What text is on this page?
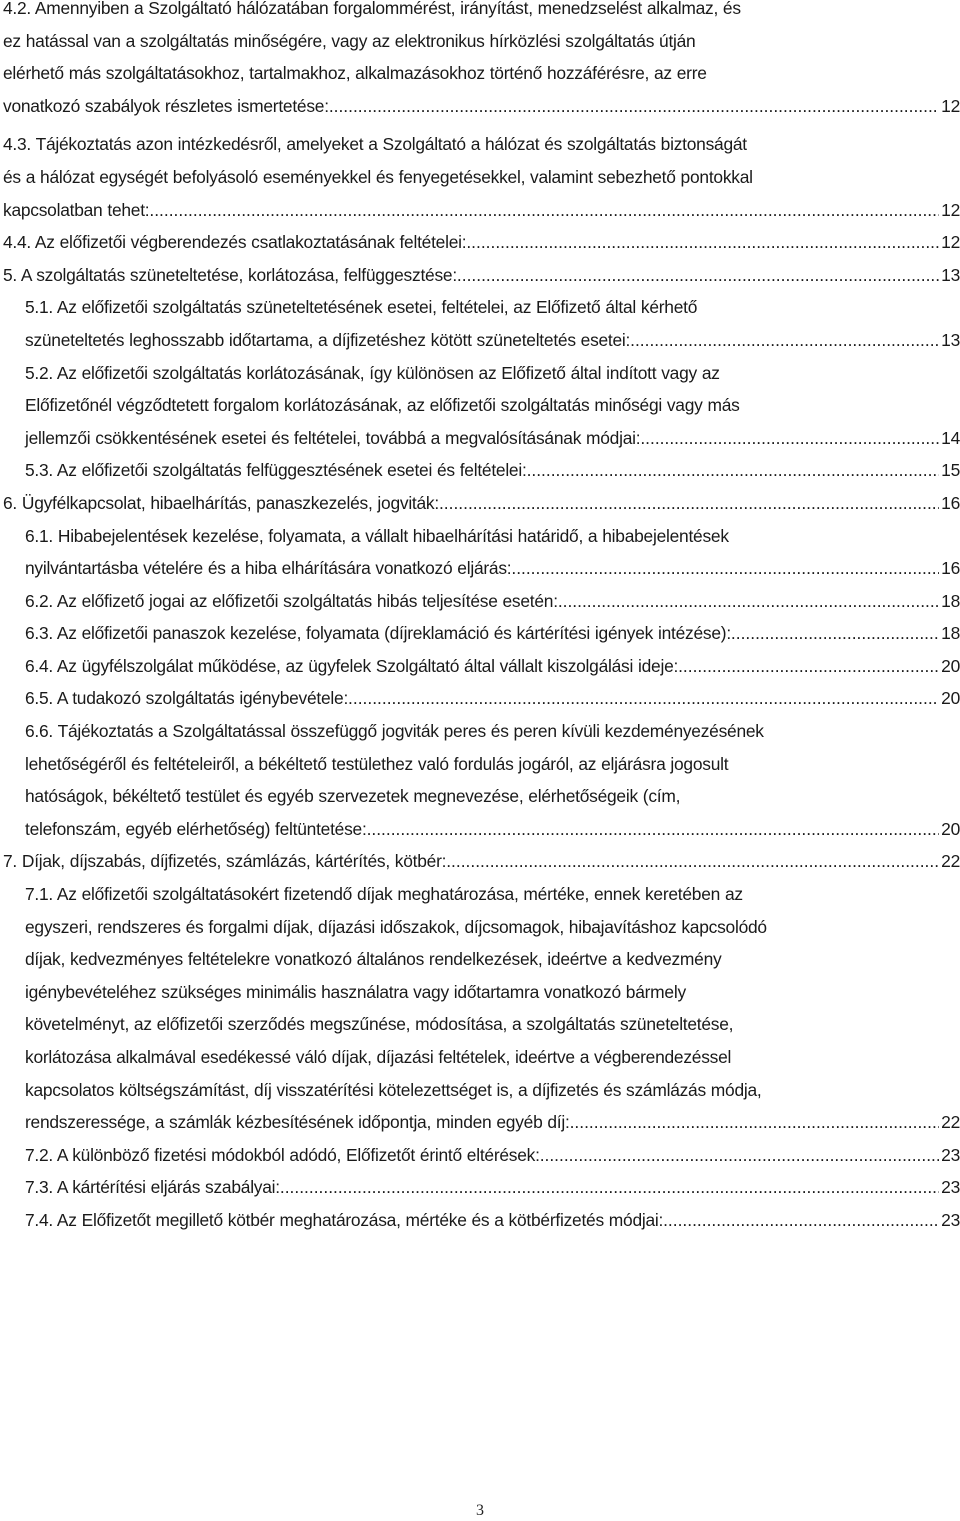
4.2. Amennyiben a Szolgáltató hálózatában forgalommérést, irányítást, menedzselést alkalmaz, és
ez hatással van a szolgáltatás minőségére, vagy az elektronikus hírközlési szolgáltatás útján
elérhető más szolgáltatásokhoz, tartalmakhoz, alkalmazásokhoz történő hozzáférésre, az erre
vonatkozó szabályok részletes ismertetése: .....	12
4.3. Tájékoztatás azon intézkedésről, amelyeket a Szolgáltató a hálózat és szolgáltatás biztonságát
és a hálózat egységét befolyásoló eseményekkel és fenyegetésekkel, valamint sebezhető pontokkal
kapcsolatban tehet: .....	12
4.4. Az előfizetői végberendezés csatlakoztatásának feltételei: .....	12
5. A szolgáltatás szüneteltetése, korlátozása, felfüggesztése: .....	13
5.1. Az előfizetői szolgáltatás szüneteltetésének esetei, feltételei, az Előfizető által kérhető
szüneteltetés leghosszabb időtartama, a díjfizetéshez kötött szüneteltetés esetei: .....	13
5.2. Az előfizetői szolgáltatás korlátozásának, így különösen az Előfizető által indított vagy az
Előfizetőnél végződtetett forgalom korlátozásának, az előfizetői szolgáltatás minőségi vagy más
jellemzői csökkentésének esetei és feltételei, továbbá a megvalósításának módjai: .....	14
5.3. Az előfizetői szolgáltatás felfüggesztésének esetei és feltételei: .....	15
6. Ügyfélkapcsolat, hibaelhárítás, panaszkezelés, jogviták: .....	16
6.1. Hibabejelentések kezelése, folyamata, a vállalt hibaelhárítási határidő, a hibabejelentések
nyilvántartásba vételére és a hiba elhárítására vonatkozó eljárás: .....	16
6.2. Az előfizető jogai az előfizetői szolgáltatás hibás teljesítése esetén: .....	18
6.3. Az előfizetői panaszok kezelése, folyamata (díjreklamáció és kártérítési igények intézése): .....	18
6.4. Az ügyfélszolgálat működése, az ügyfelek Szolgáltató által vállalt kiszolgálási ideje: .....	20
6.5. A tudakozó szolgáltatás igénybevétele: .....	20
6.6. Tájékoztatás a Szolgáltatással összefüggő jogviták peres és peren kívüli kezdeményezésének
lehetőségéről és feltételeiről, a békéltető testülethez való fordulás jogáról, az eljárásra jogosult
hatóságok, békéltető testület és egyéb szervezetek megnevezése, elérhetőségeik (cím,
telefonszám, egyéb elérhetőség) feltüntetése: .....	20
7. Díjak, díjszabás, díjfizetés, számlázás, kártérítés, kötbér: .....	22
7.1. Az előfizetői szolgáltatásokért fizetendő díjak meghatározása, mértéke, ennek keretében az
egyszeri, rendszeres és forgalmi díjak, díjazási időszakok, díjcsomagok, hibajavításhoz kapcsolódó
díjak, kedvezményes feltételekre vonatkozó általános rendelkezések, ideértve a kedvezmény
igénybevételéhez szükséges minimális használatra vagy időtartamra vonatkozó bármely
követelményt, az előfizetői szerződés megszűnése, módosítása, a szolgáltatás szüneteltetése,
korlátozása alkalmával esedékessé váló díjak, díjazási feltételek, ideértve a végberendezéssel
kapcsolatos költségszámítást, díj visszatérítési kötelezettséget is, a díjfizetés és számlázás módja,
rendszeressége, a számlák kézbesítésének időpontja, minden egyéb díj: .....	22
7.2. A különböző fizetési módokból adódó, Előfizetőt érintő eltérések: .....	23
7.3. A kártérítési eljárás szabályai: .....	23
7.4. Az Előfizetőt megillető kötbér meghatározása, mértéke és a kötbérfizetés módjai: .....	23
3
